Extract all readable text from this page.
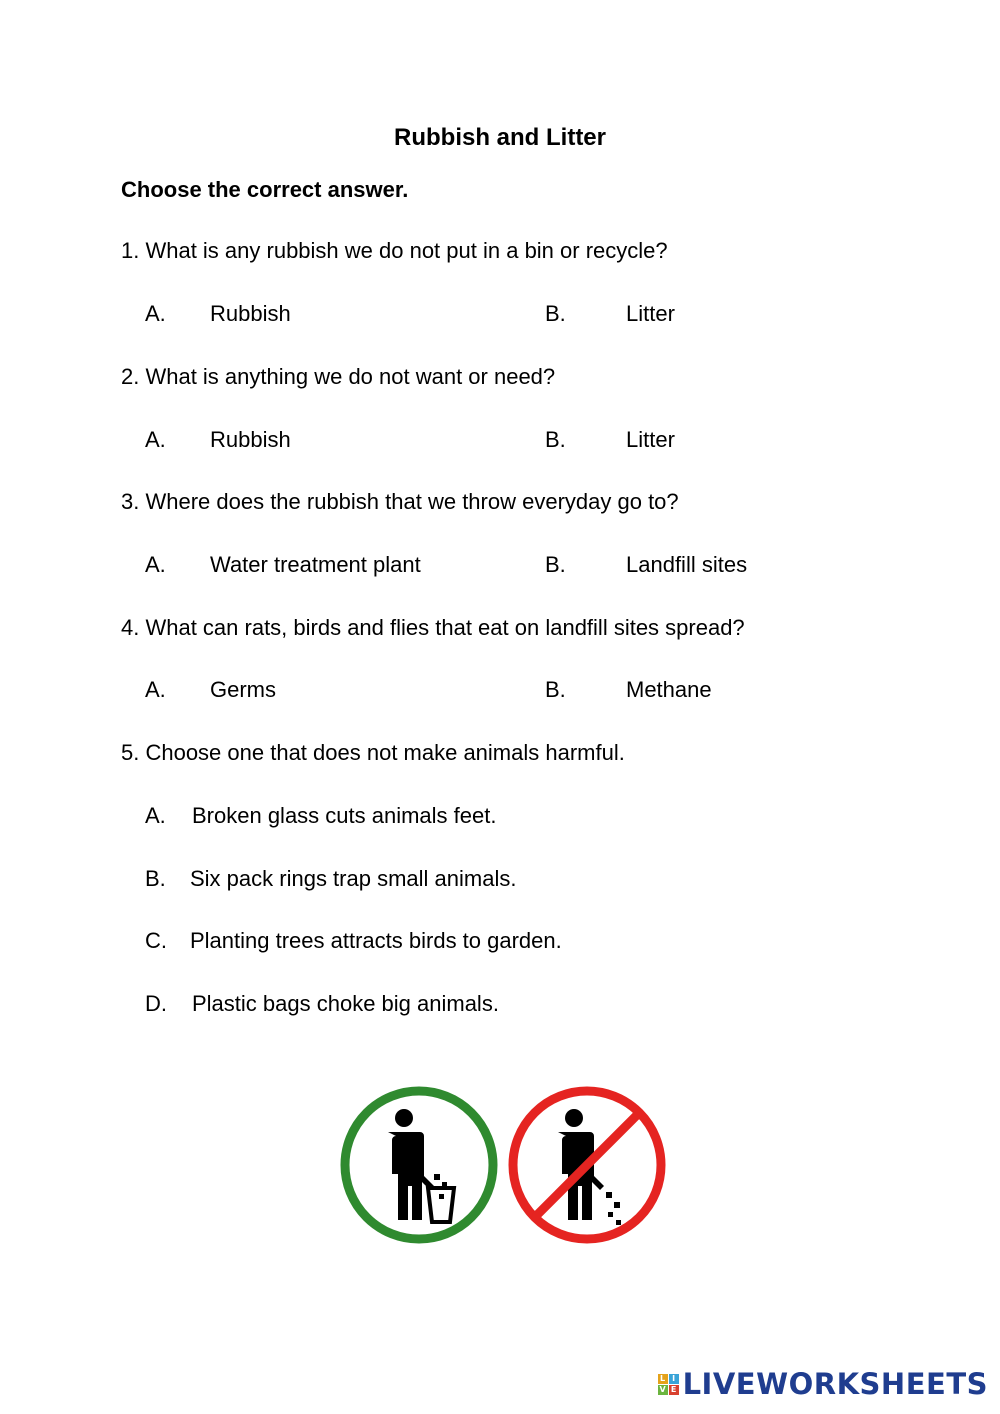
Rubbish and Litter
Choose the correct answer.
1. What is any rubbish we do not put in a bin or recycle?
A. Rubbish	B.	Litter
2. What is anything we do not want or need?
A. Rubbish	B.	Litter
3. Where does the rubbish that we throw everyday go to?
A. Water treatment plant	B.	Landfill sites
4. What can rats, birds and flies that eat on landfill sites spread?
A. Germs	B.	Methane
5. Choose one that does not make animals harmful.
A. Broken glass cuts animals feet.
B. Six pack rings trap small animals.
C. Planting trees attracts birds to garden.
D. Plastic bags choke big animals.
L I
V E LIVEWORKSHEETS
